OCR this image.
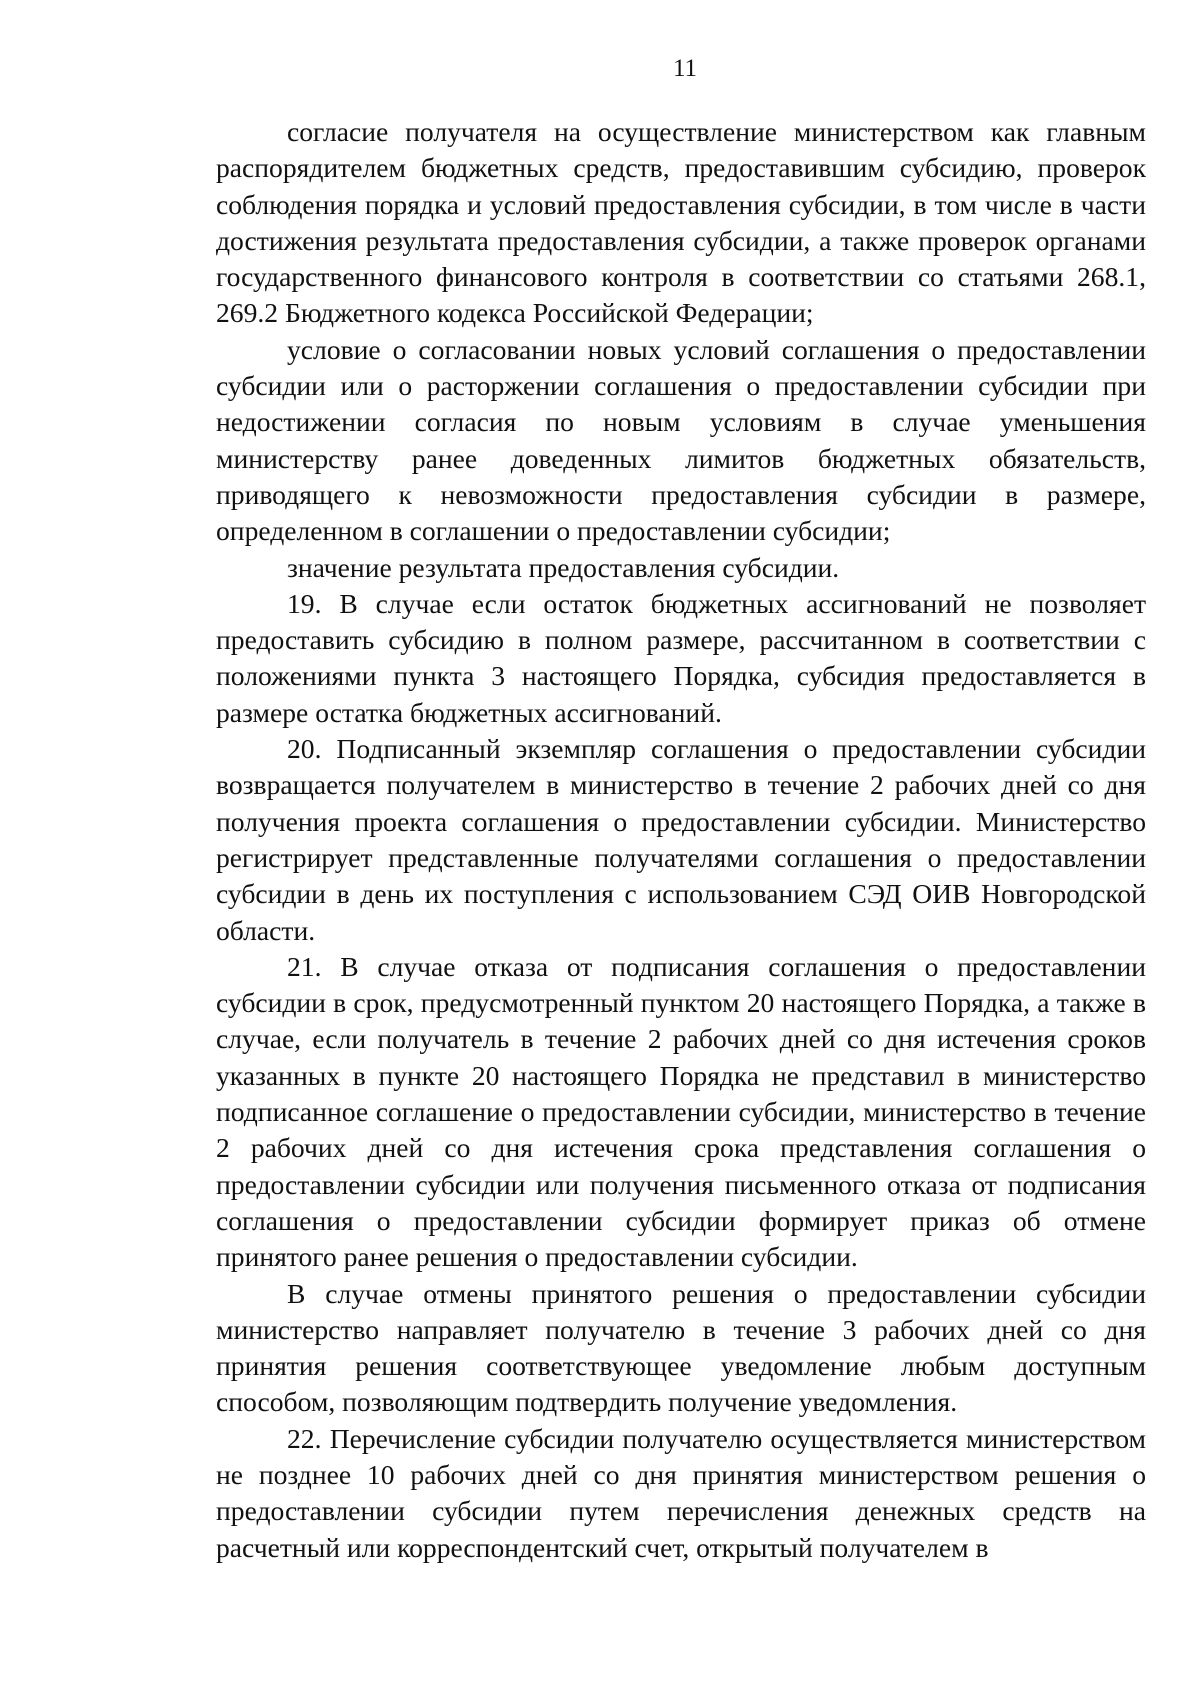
11

согласие получателя на осуществление министерством как главным распорядителем бюджетных средств, предоставившим субсидию, проверок соблюдения порядка и условий предоставления субсидии, в том числе в части достижения результата предоставления субсидии, а также проверок органами государственного финансового контроля в соответствии со статьями 268.1, 269.2 Бюджетного кодекса Российской Федерации;

условие о согласовании новых условий соглашения о предоставлении субсидии или о расторжении соглашения о предоставлении субсидии при недостижении согласия по новым условиям в случае уменьшения министерству ранее доведенных лимитов бюджетных обязательств, приводящего к невозможности предоставления субсидии в размере, определенном в соглашении о предоставлении субсидии;

значение результата предоставления субсидии.

19. В случае если остаток бюджетных ассигнований не позволяет предоставить субсидию в полном размере, рассчитанном в соответствии с положениями пункта 3 настоящего Порядка, субсидия предоставляется в размере остатка бюджетных ассигнований.

20. Подписанный экземпляр соглашения о предоставлении субсидии возвращается получателем в министерство в течение 2 рабочих дней со дня получения проекта соглашения о предоставлении субсидии. Министерство регистрирует представленные получателями соглашения о предоставлении субсидии в день их поступления с использованием СЭД ОИВ Новгородской области.

21. В случае отказа от подписания соглашения о предоставлении субсидии в срок, предусмотренный пунктом 20 настоящего Порядка, а также в случае, если получатель в течение 2 рабочих дней со дня истечения сроков указанных в пункте 20 настоящего Порядка не представил в министерство подписанное соглашение о предоставлении субсидии, министерство в течение 2 рабочих дней со дня истечения срока представления соглашения о предоставлении субсидии или получения письменного отказа от подписания соглашения о предоставлении субсидии формирует приказ об отмене принятого ранее решения о предоставлении субсидии.

В случае отмены принятого решения о предоставлении субсидии министерство направляет получателю в течение 3 рабочих дней со дня принятия решения соответствующее уведомление любым доступным способом, позволяющим подтвердить получение уведомления.

22. Перечисление субсидии получателю осуществляется министерством не позднее 10 рабочих дней со дня принятия министерством решения о предоставлении субсидии путем перечисления денежных средств на расчетный или корреспондентский счет, открытый получателем в
